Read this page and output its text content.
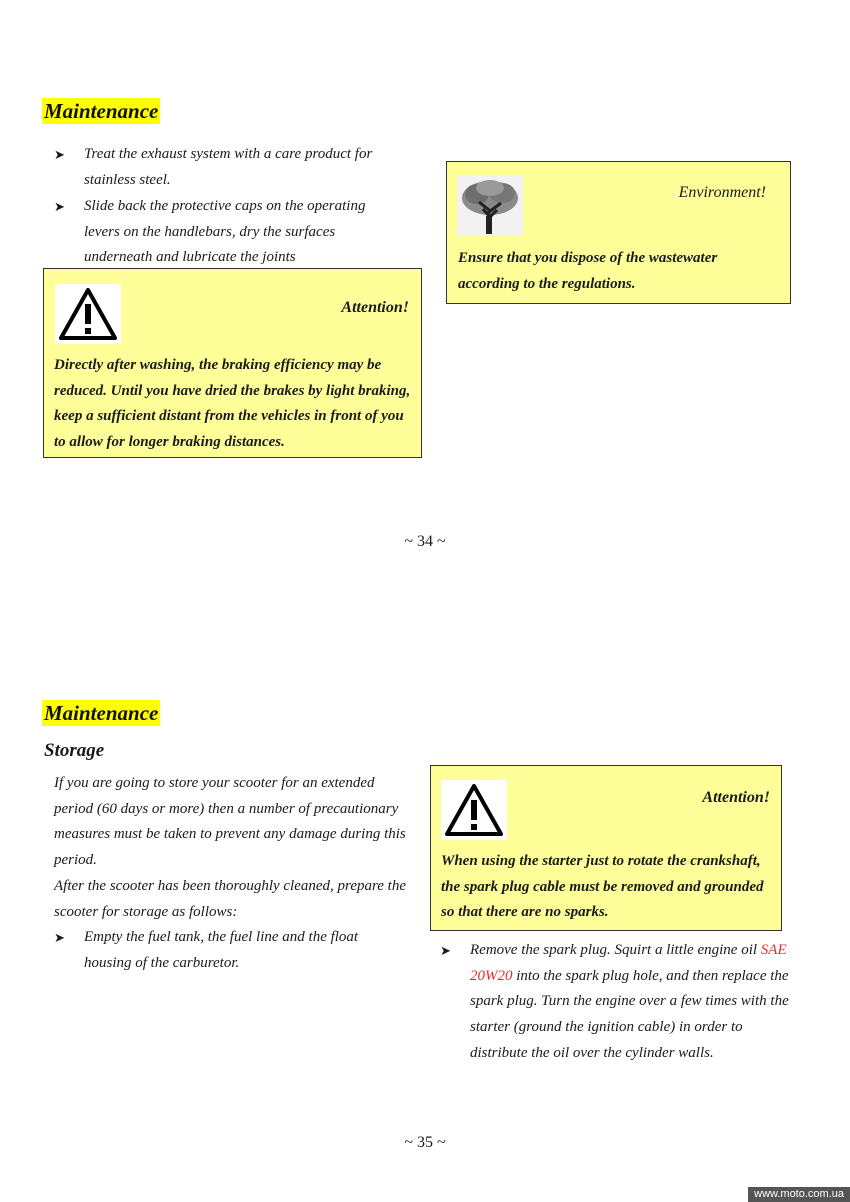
Maintenance
➤ Treat the exhaust system with a care product for stainless steel.
➤ Slide back the protective caps on the operating levers on the handlebars, dry the surfaces underneath and lubricate the joints
Attention!
Directly after washing, the braking efficiency may be reduced. Until you have dried the brakes by light braking, keep a sufficient distant from the vehicles in front of you to allow for longer braking distances.
Environment!
Ensure that you dispose of the wastewater according to the regulations.
~ 34 ~
Maintenance
Storage
If you are going to store your scooter for an extended period (60 days or more) then a number of precautionary measures must be taken to prevent any damage during this period.
After the scooter has been thoroughly cleaned, prepare the scooter for storage as follows:
➤ Empty the fuel tank, the fuel line and the float housing of the carburetor.
Attention!
When using the starter just to rotate the crankshaft, the spark plug cable must be removed and grounded so that there are no sparks.
➤ Remove the spark plug. Squirt a little engine oil SAE 20W20 into the spark plug hole, and then replace the spark plug. Turn the engine over a few times with the starter (ground the ignition cable) in order to distribute the oil over the cylinder walls.
~ 35 ~
www.moto.com.ua
